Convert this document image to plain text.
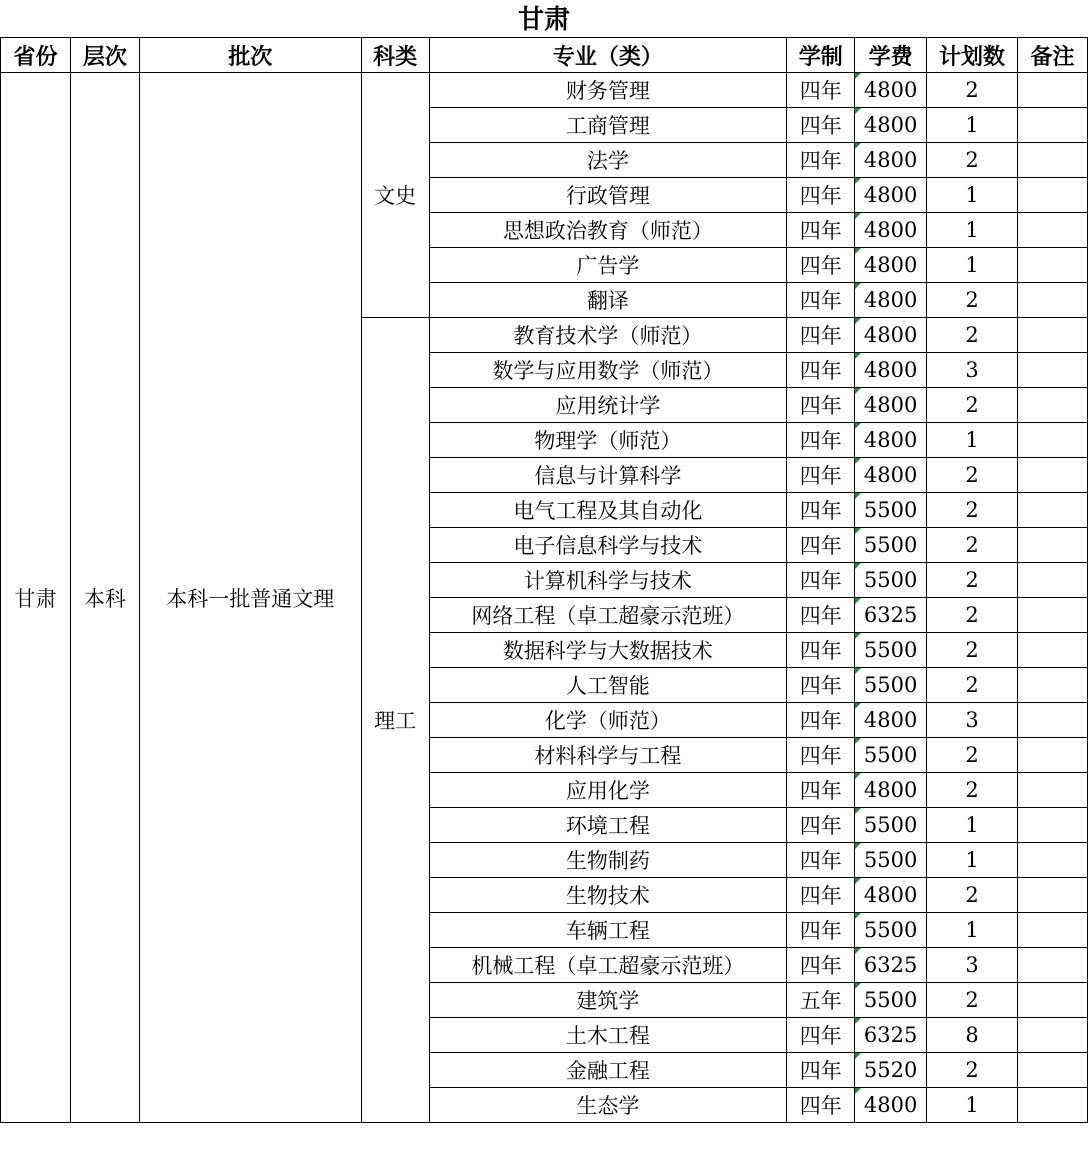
甘肃
省份	层次	批次	科类	专业（类）	学制	学费	计划数	备注
甘肃	本科	本科一批普通文理	文史	财务管理	四年	4800	2	
				工商管理	四年	4800	1	
				法学	四年	4800	2	
				行政管理	四年	4800	1	
				思想政治教育（师范）	四年	4800	1	
				广告学	四年	4800	1	
				翻译	四年	4800	2	
			理工	教育技术学（师范）	四年	4800	2	
				数学与应用数学（师范）	四年	4800	3	
				应用统计学	四年	4800	2	
				物理学（师范）	四年	4800	1	
				信息与计算科学	四年	4800	2	
				电气工程及其自动化	四年	5500	2	
				电子信息科学与技术	四年	5500	2	
				计算机科学与技术	四年	5500	2	
				网络工程（卓工超豪示范班）	四年	6325	2	
				数据科学与大数据技术	四年	5500	2	
				人工智能	四年	5500	2	
				化学（师范）	四年	4800	3	
				材料科学与工程	四年	5500	2	
				应用化学	四年	4800	2	
				环境工程	四年	5500	1	
				生物制药	四年	5500	1	
				生物技术	四年	4800	2	
				车辆工程	四年	5500	1	
				机械工程（卓工超豪示范班）	四年	6325	3	
				建筑学	五年	5500	2	
				土木工程	四年	6325	8	
				金融工程	四年	5520	2	
				生态学	四年	4800	1	
